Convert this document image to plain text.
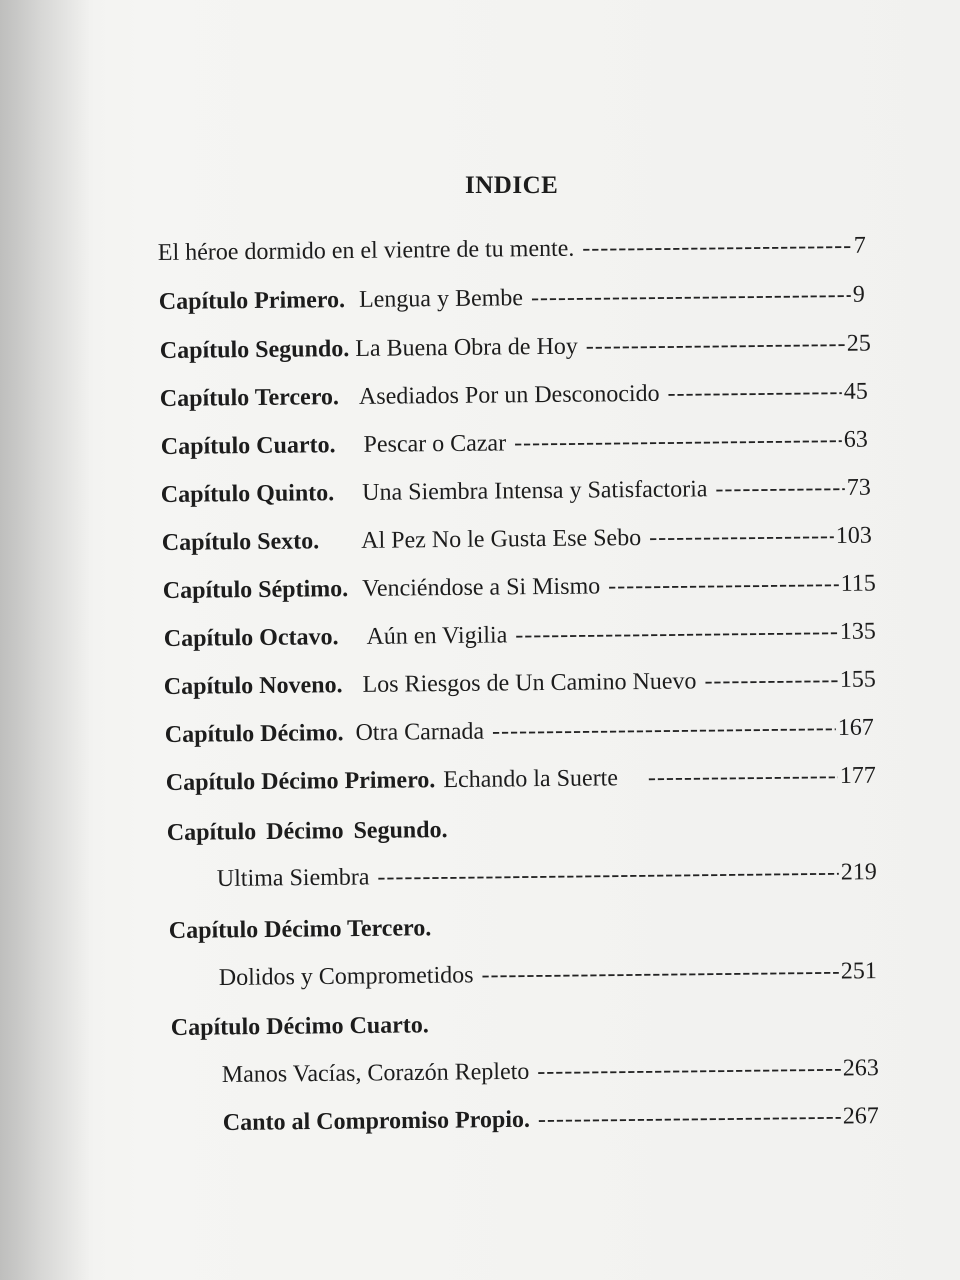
INDICE
El héroe dormido en el vientre de tu mente. -----	7
Capítulo Primero. Lengua y Bembe -----	9
Capítulo Segundo. La Buena Obra de Hoy -----	25
Capítulo Tercero. Asediados Por un Desconocido -----	45
Capítulo Cuarto. Pescar o Cazar -----	63
Capítulo Quinto. Una Siembra Intensa y Satisfactoria -----	73
Capítulo Sexto. Al Pez No le Gusta Ese Sebo -----	103
Capítulo Séptimo. Venciéndose a Si Mismo -----	115
Capítulo Octavo. Aún en Vigilia -----	135
Capítulo Noveno. Los Riesgos de Un Camino Nuevo -----	155
Capítulo Décimo. Otra Carnada -----	167
Capítulo Décimo Primero. Echando la Suerte -----	177
Capítulo Décimo Segundo.
Ultima Siembra -----	219
Capítulo Décimo Tercero.
Dolidos y Comprometidos -----	251
Capítulo Décimo Cuarto.
Manos Vacías, Corazón Repleto -----	263
Canto al Compromiso Propio. -----	267
